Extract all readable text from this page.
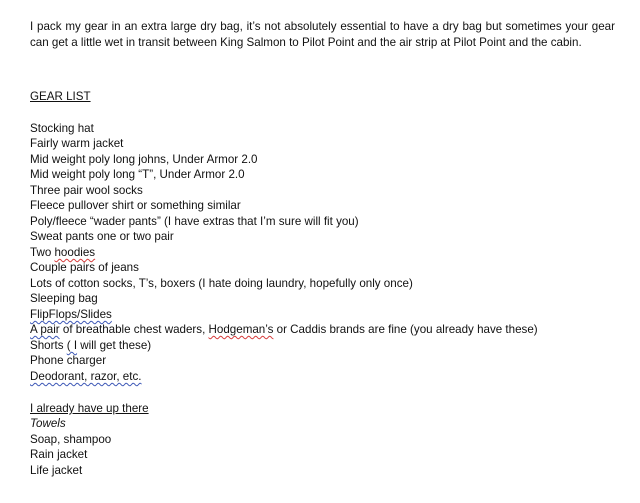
I pack my gear in an extra large dry bag, it’s not absolutely essential to have a dry bag but sometimes your gear can get a little wet in transit between King Salmon to Pilot Point and the air strip at Pilot Point and the cabin.
GEAR LIST
Stocking hat
Fairly warm jacket
Mid weight poly long johns, Under Armor 2.0
Mid weight poly long “T”, Under Armor 2.0
Three pair wool socks
Fleece pullover shirt or something similar
Poly/fleece “wader pants” (I have extras that I’m sure will fit you)
Sweat pants one or two pair
Two hoodies
Couple pairs of jeans
Lots of cotton socks, T’s, boxers (I hate doing laundry, hopefully only once)
Sleeping bag
FlipFlops/Slides
A pair of breathable chest waders, Hodgeman’s or Caddis brands are fine (you already have these)
Shorts ( I will get these)
Phone charger
Deodorant, razor, etc.
I already have up there
Towels
Soap, shampoo
Rain jacket
Life jacket
